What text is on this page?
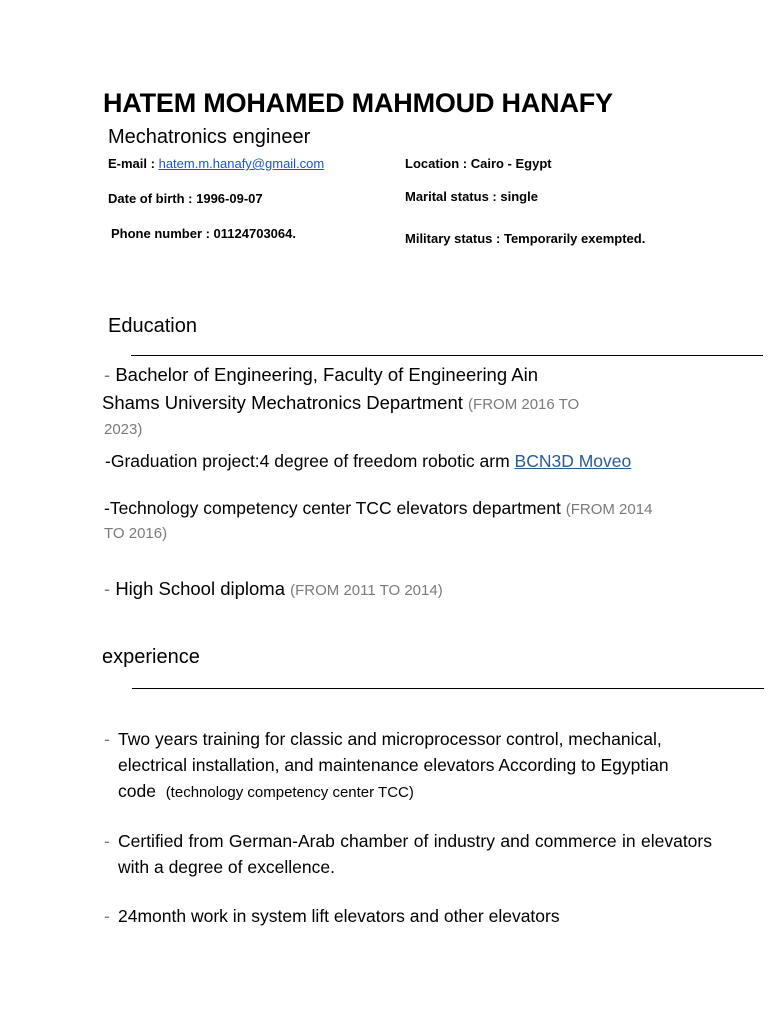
HATEM MOHAMED MAHMOUD HANAFY
Mechatronics engineer
E-mail : hatem.m.hanafy@gmail.com
Date of birth : 1996-09-07
Phone number : 01124703064.
Location : Cairo - Egypt
Marital status : single
Military status : Temporarily exempted.
Education
- Bachelor of Engineering, Faculty of Engineering Ain
Shams University Mechatronics Department (FROM 2016 TO
2023)
-Graduation project:4 degree of freedom robotic arm BCN3D Moveo
-Technology competency center TCC elevators department (FROM 2014
TO 2016)
- High School diploma (FROM 2011 TO 2014)
experience
- Two years training for classic and microprocessor control, mechanical, electrical installation, and maintenance elevators According to Egyptian code (technology competency center TCC)
- Certified from German-Arab chamber of industry and commerce in elevators with a degree of excellence.
- 24month work in system lift elevators and other elevators
